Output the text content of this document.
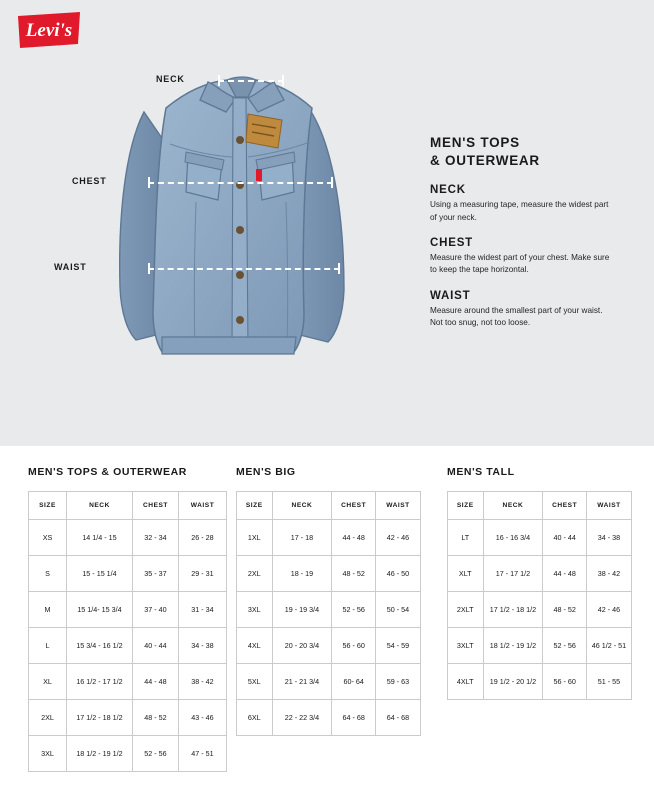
Levi's
NECK
CHEST
WAIST
MEN'S TOPS
& OUTERWEAR
NECK

Using a measuring tape, measure the widest part of your neck.

CHEST

Measure the widest part of your chest. Make sure to keep the tape horizontal.

WAIST

Measure around the smallest part of your waist. Not too snug, not too loose.

MEN'S TOPS & OUTERWEAR
SIZE	NECK	CHEST	WAIST
XS	14 1/4 - 15	32 - 34	26 - 28
S	15 - 15 1/4	35 - 37	29 - 31
M	15 1/4- 15 3/4	37 - 40	31 - 34
L	15 3/4 - 16 1/2	40 - 44	34 - 38
XL	16 1/2 - 17 1/2	44 - 48	38 - 42
2XL	17 1/2 - 18 1/2	48 - 52	43 - 46
3XL	18 1/2 - 19 1/2	52 - 56	47 - 51
MEN'S BIG
SIZE	NECK	CHEST	WAIST
1XL	17 - 18	44 - 48	42 - 46
2XL	18 - 19	48 - 52	46 - 50
3XL	19 - 19 3/4	52 - 56	50 - 54
4XL	20 - 20 3/4	56 - 60	54 - 59
5XL	21 - 21 3/4	60- 64	59 - 63
6XL	22 - 22 3/4	64 - 68	64 - 68
MEN'S TALL
SIZE	NECK	CHEST	WAIST
LT	16 - 16 3/4	40 - 44	34 - 38
XLT	17 - 17 1/2	44 - 48	38 - 42
2XLT	17 1/2 - 18 1/2	48 - 52	42 - 46
3XLT	18 1/2 - 19 1/2	52 - 56	46 1/2 - 51
4XLT	19 1/2 - 20 1/2	56 - 60	51 - 55
